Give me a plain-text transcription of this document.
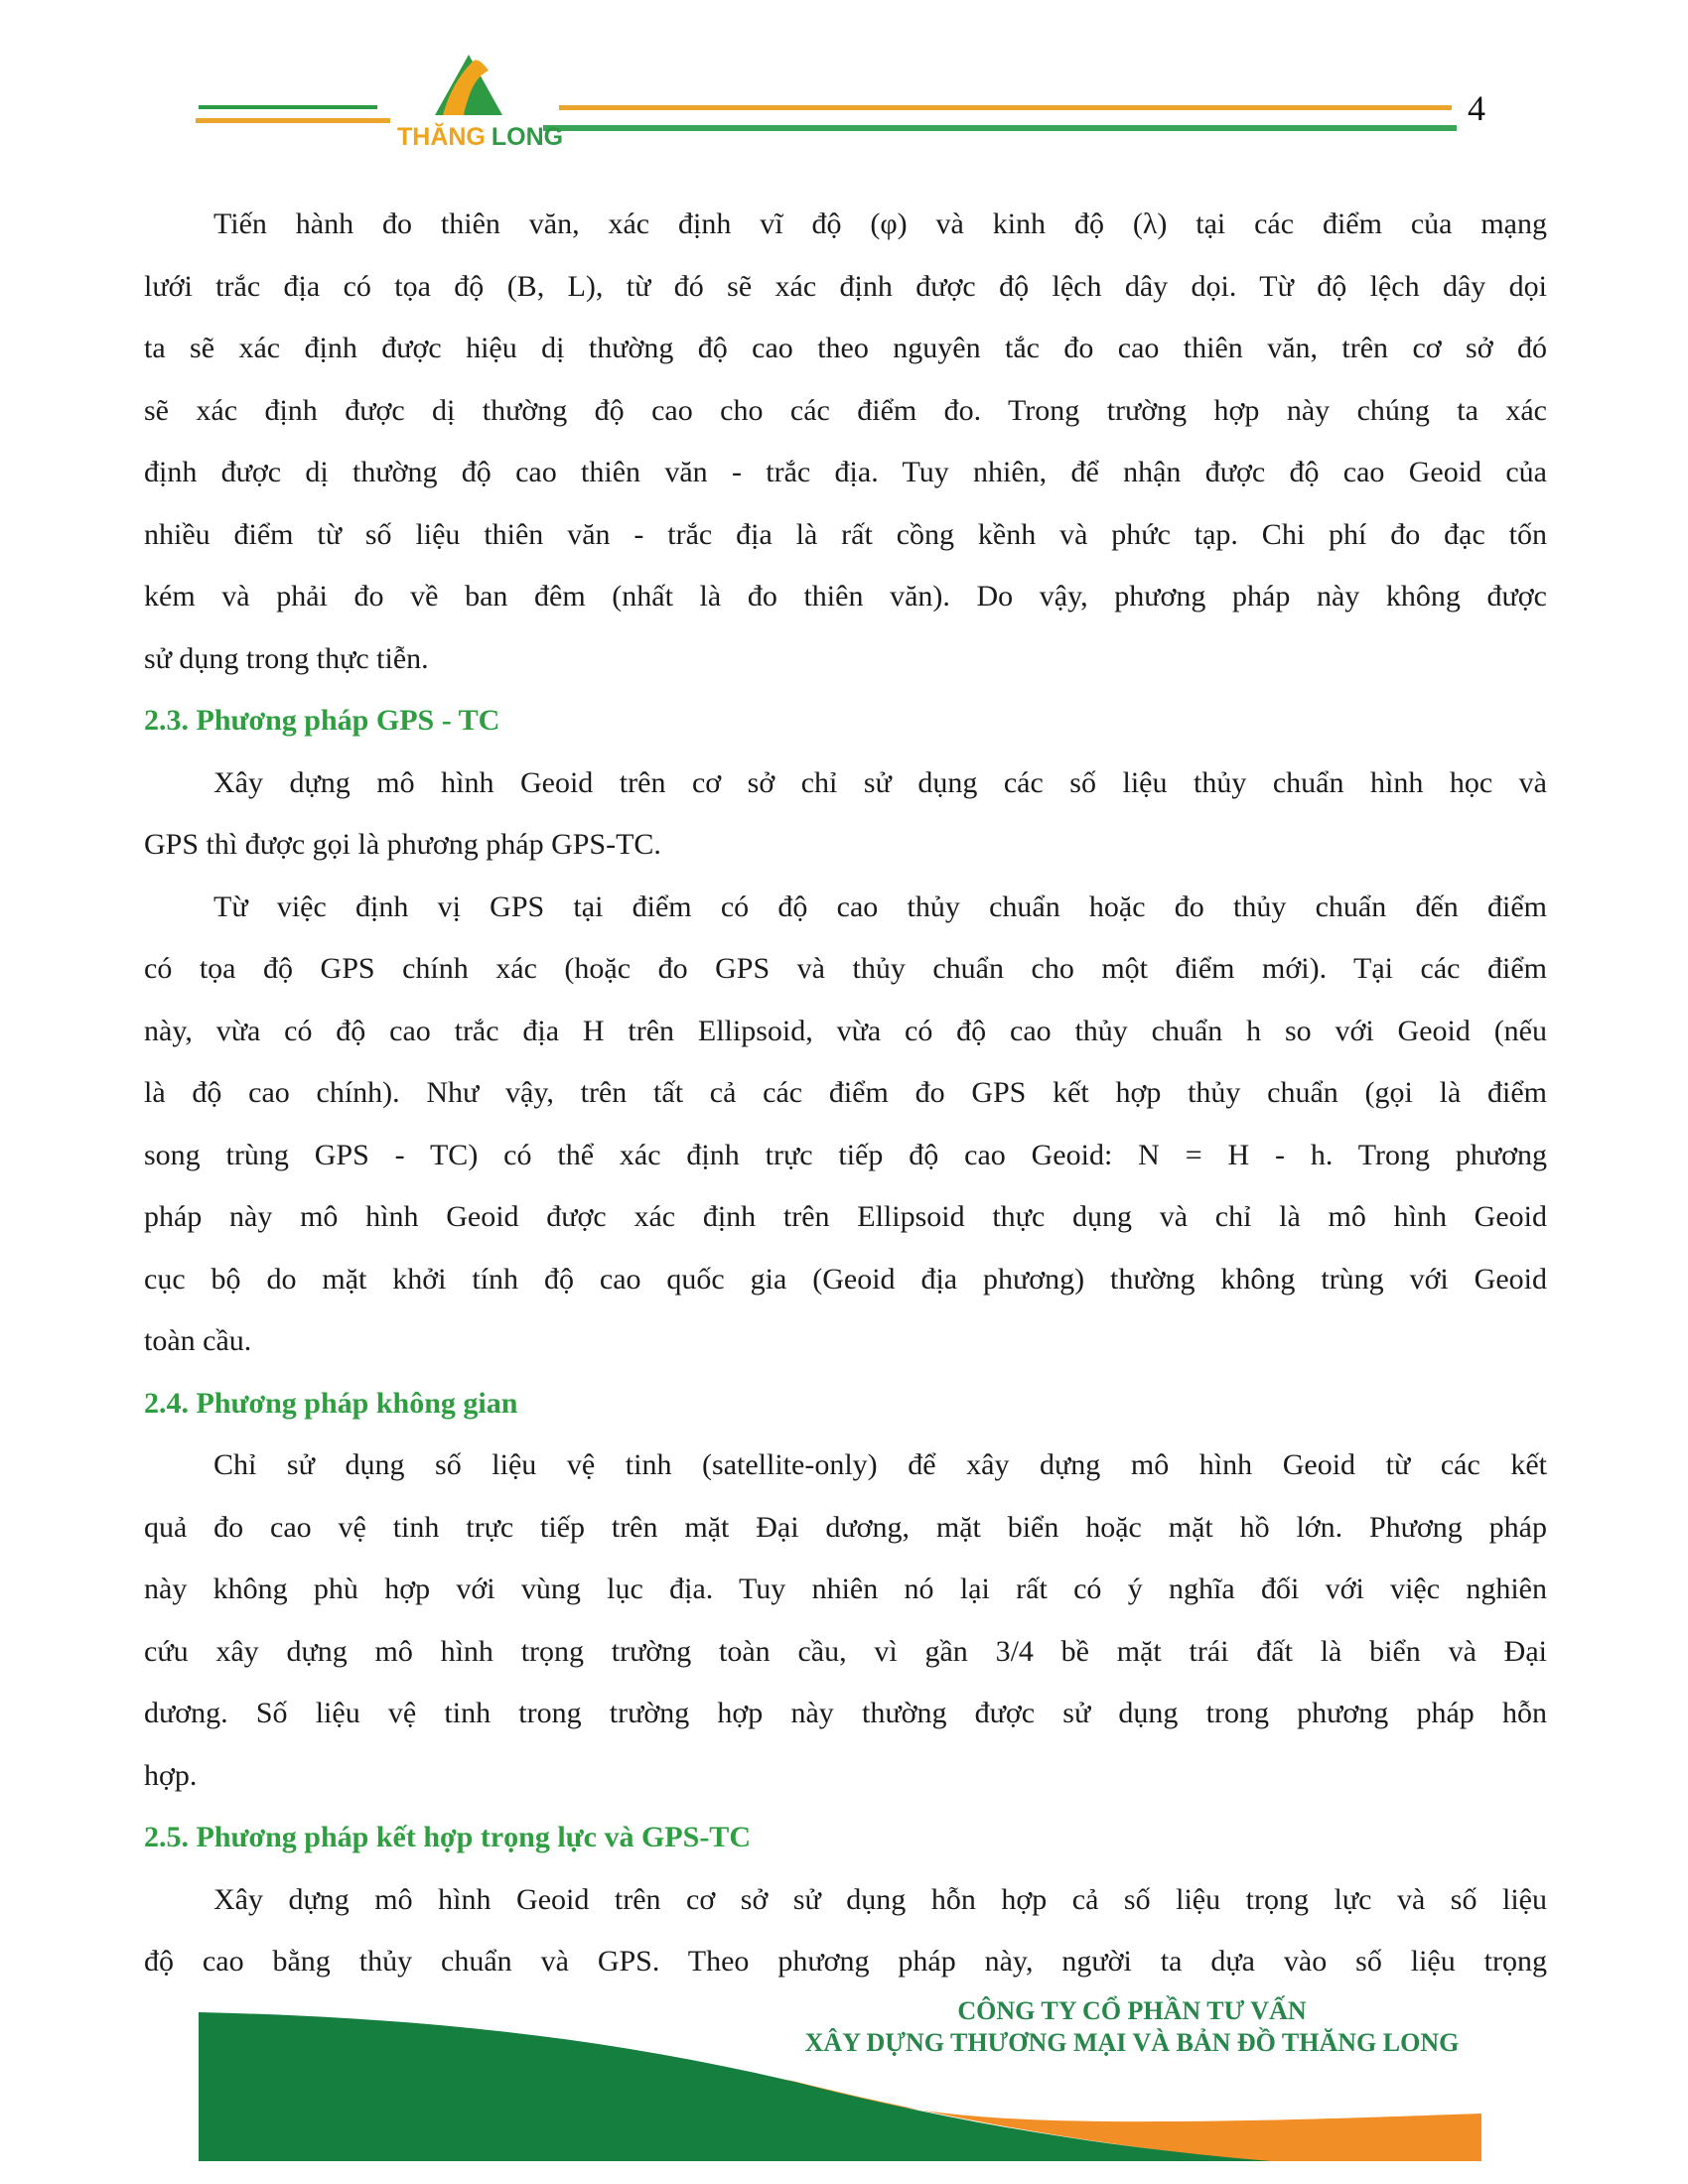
THĂNG LONG
4
Tiến hành đo thiên văn, xác định vĩ độ (φ) và kinh độ (λ) tại các điểm của mạng
lưới trắc địa có tọa độ (B, L), từ đó sẽ xác định được độ lệch dây dọi. Từ độ lệch dây dọi
ta sẽ xác định được hiệu dị thường độ cao theo nguyên tắc đo cao thiên văn, trên cơ sở đó
sẽ xác định được dị thường độ cao cho các điểm đo. Trong trường hợp này chúng ta xác
định được dị thường độ cao thiên văn - trắc địa. Tuy nhiên, để nhận được độ cao Geoid của
nhiều điểm từ số liệu thiên văn - trắc địa là rất cồng kềnh và phức tạp. Chi phí đo đạc tốn
kém và phải đo về ban đêm (nhất là đo thiên văn). Do vậy, phương pháp này không được
sử dụng trong thực tiễn.
2.3. Phương pháp GPS - TC
Xây dựng mô hình Geoid trên cơ sở chỉ sử dụng các số liệu thủy chuẩn hình học và
GPS thì được gọi là phương pháp GPS-TC.
Từ việc định vị GPS tại điểm có độ cao thủy chuẩn hoặc đo thủy chuẩn đến điểm
có tọa độ GPS chính xác (hoặc đo GPS và thủy chuẩn cho một điểm mới). Tại các điểm
này, vừa có độ cao trắc địa H trên Ellipsoid, vừa có độ cao thủy chuẩn h so với Geoid (nếu
là độ cao chính). Như vậy, trên tất cả các điểm đo GPS kết hợp thủy chuẩn (gọi là điểm
song trùng GPS - TC) có thể xác định trực tiếp độ cao Geoid: N = H - h. Trong phương
pháp này mô hình Geoid được xác định trên Ellipsoid thực dụng và chỉ là mô hình Geoid
cục bộ do mặt khởi tính độ cao quốc gia (Geoid địa phương) thường không trùng với Geoid
toàn cầu.
2.4. Phương pháp không gian
Chỉ sử dụng số liệu vệ tinh (satellite-only) để xây dựng mô hình Geoid từ các kết
quả đo cao vệ tinh trực tiếp trên mặt Đại dương, mặt biển hoặc mặt hồ lớn. Phương pháp
này không phù hợp với vùng lục địa. Tuy nhiên nó lại rất có ý nghĩa đối với việc nghiên
cứu xây dựng mô hình trọng trường toàn cầu, vì gần 3/4 bề mặt trái đất là biển và Đại
dương. Số liệu vệ tinh trong trường hợp này thường được sử dụng trong phương pháp hỗn
hợp.
2.5. Phương pháp kết hợp trọng lực và GPS-TC
Xây dựng mô hình Geoid trên cơ sở sử dụng hỗn hợp cả số liệu trọng lực và số liệu
độ cao bằng thủy chuẩn và GPS. Theo phương pháp này, người ta dựa vào số liệu trọng
CÔNG TY CỔ PHẦN TƯ VẤN
XÂY DỰNG THƯƠNG MẠI VÀ BẢN ĐỒ THĂNG LONG
